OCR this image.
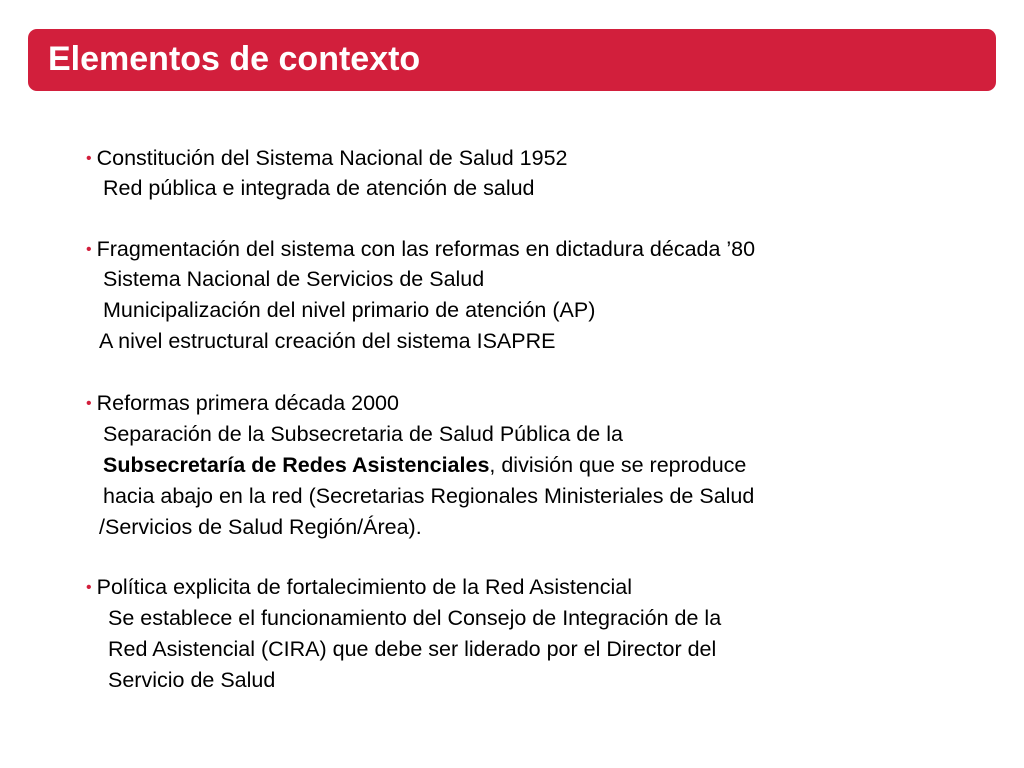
Elementos de contexto
• Constitución del Sistema Nacional de Salud 1952
Red pública e integrada de atención de salud
• Fragmentación del sistema con las reformas en dictadura década ’80
Sistema Nacional de Servicios de Salud
Municipalización del nivel primario de atención (AP)
A nivel estructural creación del sistema ISAPRE
• Reformas primera década 2000
Separación de la Subsecretaria de Salud Pública de la
Subsecretaría de Redes Asistenciales, división que se reproduce
hacia abajo en la red (Secretarias Regionales Ministeriales de Salud
/Servicios de Salud Región/Área).
• Política explicita de fortalecimiento de la Red Asistencial
Se establece el funcionamiento del Consejo de Integración de la
Red Asistencial (CIRA) que debe ser liderado por el Director del
Servicio de Salud
